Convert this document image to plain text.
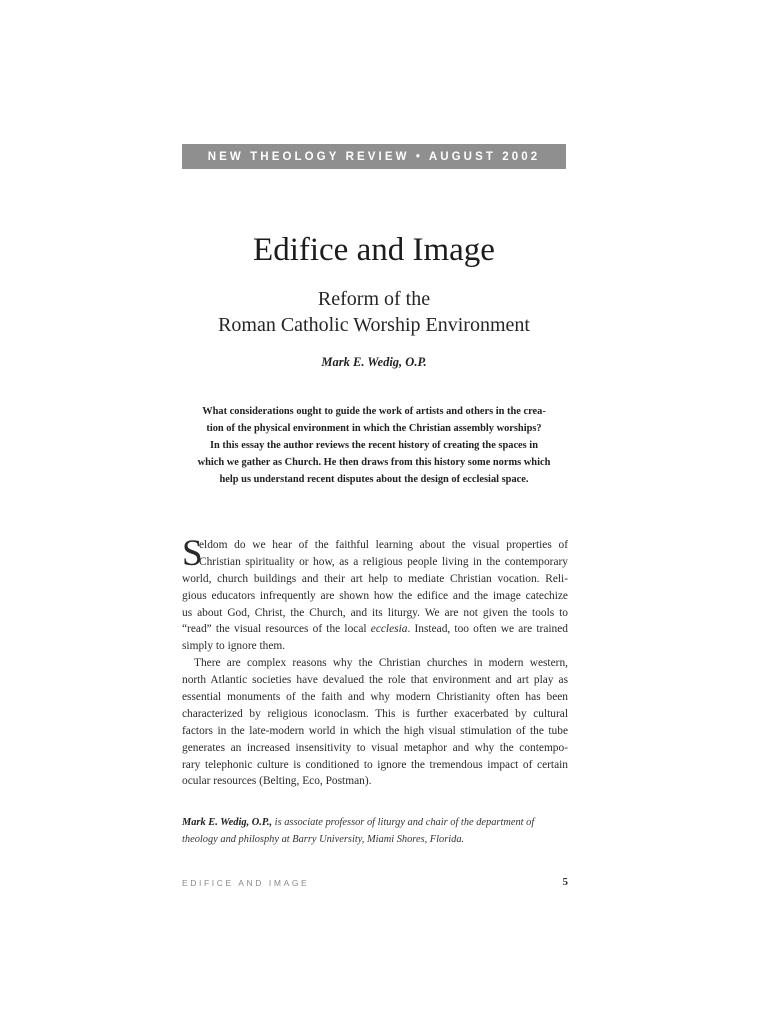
NEW THEOLOGY REVIEW • AUGUST 2002
Edifice and Image
Reform of the
Roman Catholic Worship Environment
Mark E. Wedig, O.P.
What considerations ought to guide the work of artists and others in the crea-
tion of the physical environment in which the Christian assembly worships?
In this essay the author reviews the recent history of creating the spaces in
which we gather as Church. He then draws from this history some norms which
help us understand recent disputes about the design of ecclesial space.
S
eldom do we hear of the faithful learning about the visual properties of
Christian spirituality or how, as a religious people living in the contemporary
world, church buildings and their art help to mediate Christian vocation. Reli-
gious educators infrequently are shown how the edifice and the image catechize
us about God, Christ, the Church, and its liturgy. We are not given the tools to
“read” the visual resources of the local ecclesia. Instead, too often we are trained
simply to ignore them.
There are complex reasons why the Christian churches in modern western,
north Atlantic societies have devalued the role that environment and art play as
essential monuments of the faith and why modern Christianity often has been
characterized by religious iconoclasm. This is further exacerbated by cultural
factors in the late-modern world in which the high visual stimulation of the tube
generates an increased insensitivity to visual metaphor and why the contempo-
rary telephonic culture is conditioned to ignore the tremendous impact of certain
ocular resources (Belting, Eco, Postman).
Mark E. Wedig, O.P., is associate professor of liturgy and chair of the department of
theology and philosphy at Barry University, Miami Shores, Florida.
EDIFICE AND IMAGE	5
